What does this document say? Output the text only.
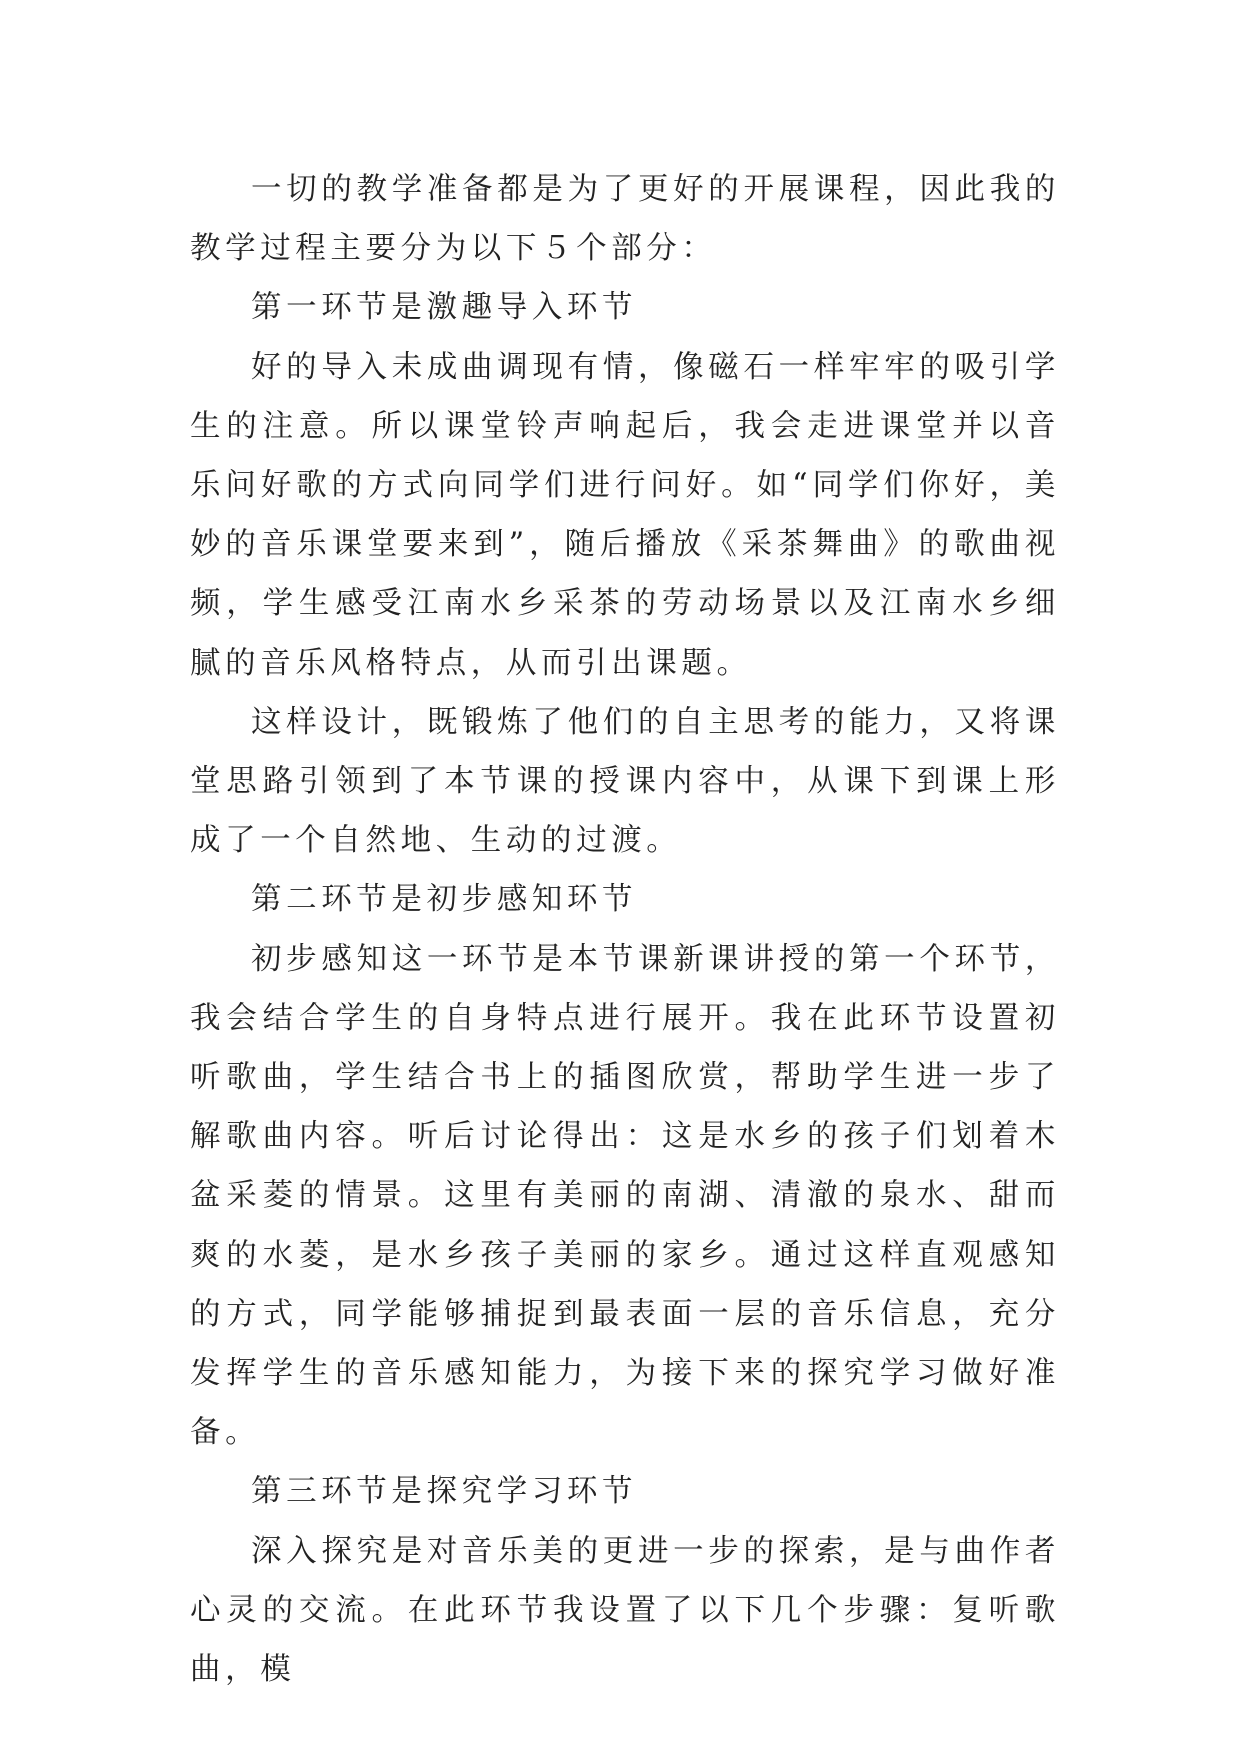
一切的教学准备都是为了更好的开展课程，因此我的教学过程主要分为以下５个部分：

第一环节是激趣导入环节

好的导入未成曲调现有情，像磁石一样牢牢的吸引学生的注意。所以课堂铃声响起后，我会走进课堂并以音乐问好歌的方式向同学们进行问好。如“同学们你好，美妙的音乐课堂要来到”，随后播放《采茶舞曲》的歌曲视频，学生感受江南水乡采茶的劳动场景以及江南水乡细腻的音乐风格特点，从而引出课题。

这样设计，既锻炼了他们的自主思考的能力，又将课堂思路引领到了本节课的授课内容中，从课下到课上形成了一个自然地、生动的过渡。

第二环节是初步感知环节

初步感知这一环节是本节课新课讲授的第一个环节，我会结合学生的自身特点进行展开。我在此环节设置初听歌曲，学生结合书上的插图欣赏，帮助学生进一步了解歌曲内容。听后讨论得出：这是水乡的孩子们划着木盆采菱的情景。这里有美丽的南湖、清澈的泉水、甜而爽的水菱，是水乡孩子美丽的家乡。通过这样直观感知的方式，同学能够捕捉到最表面一层的音乐信息，充分发挥学生的音乐感知能力，为接下来的探究学习做好准备。

第三环节是探究学习环节

深入探究是对音乐美的更进一步的探索，是与曲作者心灵的交流。在此环节我设置了以下几个步骤：复听歌曲，模
